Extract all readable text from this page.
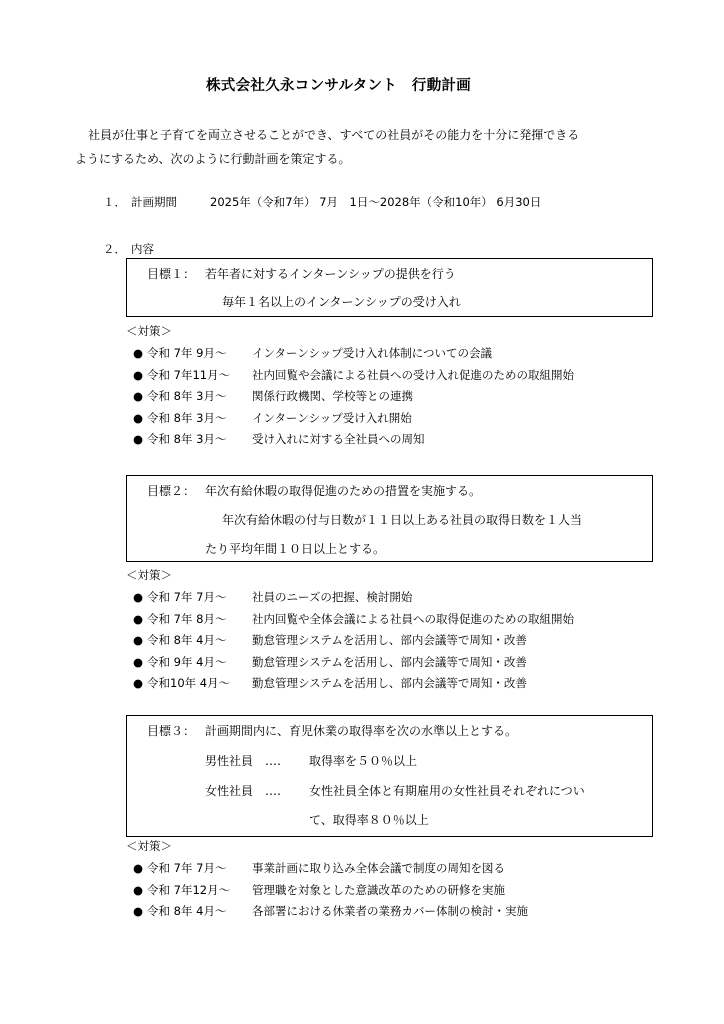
株式会社久永コンサルタント　行動計画
社員が仕事と子育てを両立させることができ、すべての社員がその能力を十分に発揮できる
ようにするため、次のように行動計画を策定する。
１． 計画期間	2025年（令和7年） 7月　1日～2028年（令和10年） 6月30日
２． 内容
目標１： 若年者に対するインターンシップの提供を行う
毎年１名以上のインターンシップの受け入れ
＜対策＞
● 令和 7年 9月～ インターンシップ受け入れ体制についての会議
● 令和 7年11月～ 社内回覧や会議による社員への受け入れ促進のための取組開始
● 令和 8年 3月～ 関係行政機関、学校等との連携
● 令和 8年 3月～ インターンシップ受け入れ開始
● 令和 8年 3月～ 受け入れに対する全社員への周知
目標２： 年次有給休暇の取得促進のための措置を実施する。
年次有給休暇の付与日数が１１日以上ある社員の取得日数を１人当
たり平均年間１０日以上とする。
＜対策＞
● 令和 7年 7月～ 社員のニーズの把握、検討開始
● 令和 7年 8月～ 社内回覧や全体会議による社員への取得促進のための取組開始
● 令和 8年 4月～ 勤怠管理システムを活用し、部内会議等で周知・改善
● 令和 9年 4月～ 勤怠管理システムを活用し、部内会議等で周知・改善
● 令和10年 4月～ 勤怠管理システムを活用し、部内会議等で周知・改善
目標３： 計画期間内に、育児休業の取得率を次の水準以上とする。
男性社員　‥‥ 取得率を５０％以上
女性社員　‥‥ 女性社員全体と有期雇用の女性社員それぞれについ
て、取得率８０％以上
＜対策＞
● 令和 7年 7月～ 事業計画に取り込み全体会議で制度の周知を図る
● 令和 7年12月～ 管理職を対象とした意識改革のための研修を実施
● 令和 8年 4月～ 各部署における休業者の業務カバー体制の検討・実施
